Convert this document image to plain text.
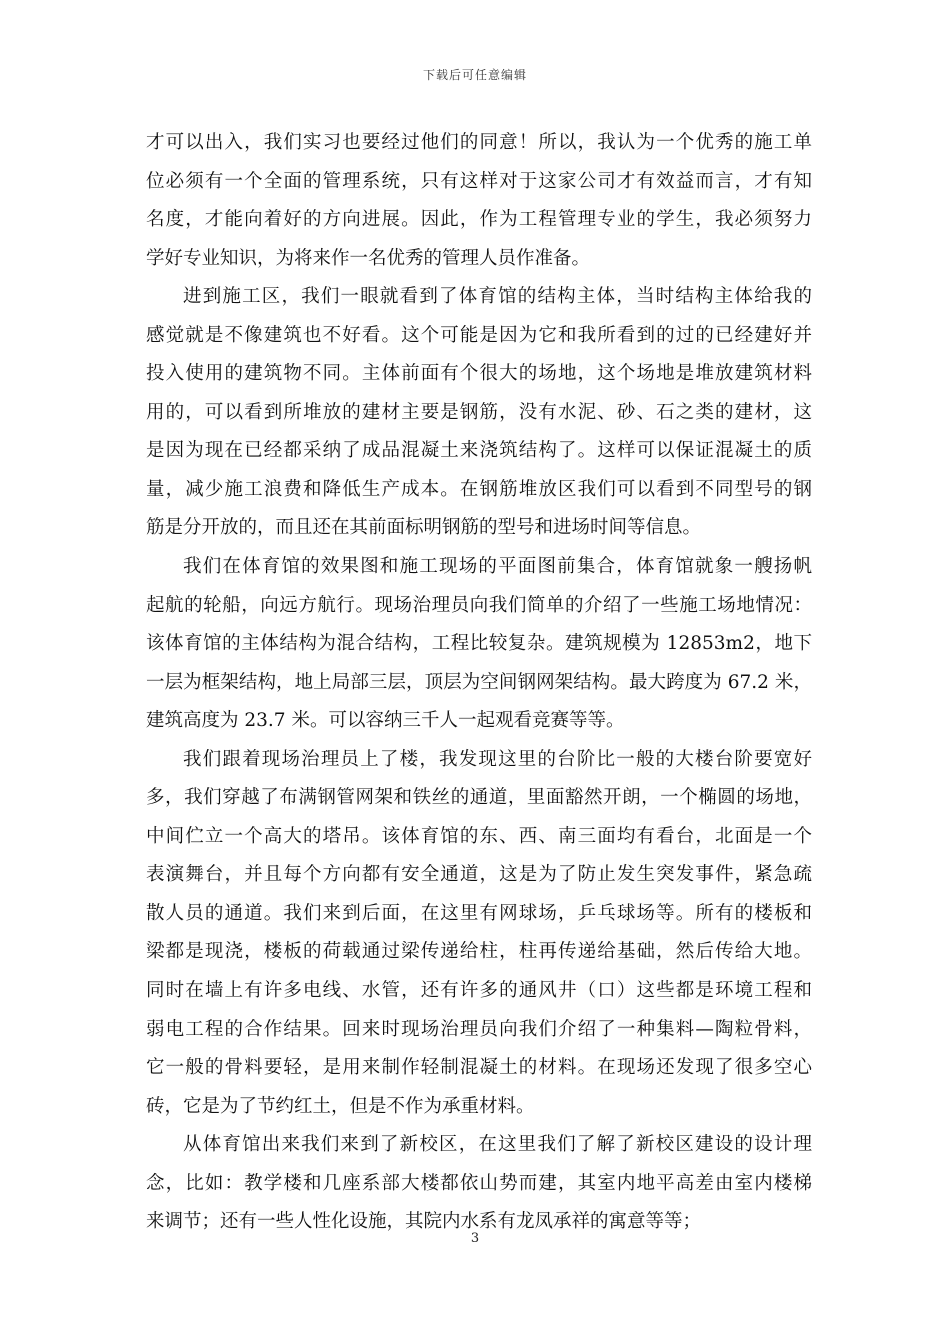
下载后可任意编辑
才可以出入，我们实习也要经过他们的同意！所以，我认为一个优秀的施工单
位必须有一个全面的管理系统，只有这样对于这家公司才有效益而言，才有知
名度，才能向着好的方向进展。因此，作为工程管理专业的学生，我必须努力
学好专业知识，为将来作一名优秀的管理人员作准备。
进到施工区，我们一眼就看到了体育馆的结构主体，当时结构主体给我的
感觉就是不像建筑也不好看。这个可能是因为它和我所看到的过的已经建好并
投入使用的建筑物不同。主体前面有个很大的场地，这个场地是堆放建筑材料
用的，可以看到所堆放的建材主要是钢筋，没有水泥、砂、石之类的建材，这
是因为现在已经都采纳了成品混凝土来浇筑结构了。这样可以保证混凝土的质
量，减少施工浪费和降低生产成本。在钢筋堆放区我们可以看到不同型号的钢
筋是分开放的，而且还在其前面标明钢筋的型号和进场时间等信息。
我们在体育馆的效果图和施工现场的平面图前集合，体育馆就象一艘扬帆
起航的轮船，向远方航行。现场治理员向我们简单的介绍了一些施工场地情况：
该体育馆的主体结构为混合结构，工程比较复杂。建筑规模为 12853m2，地下
一层为框架结构，地上局部三层，顶层为空间钢网架结构。最大跨度为 67.2 米，
建筑高度为 23.7 米。可以容纳三千人一起观看竞赛等等。
我们跟着现场治理员上了楼，我发现这里的台阶比一般的大楼台阶要宽好
多，我们穿越了布满钢管网架和铁丝的通道，里面豁然开朗，一个椭圆的场地，
中间伫立一个高大的塔吊。该体育馆的东、西、南三面均有看台，北面是一个
表演舞台，并且每个方向都有安全通道，这是为了防止发生突发事件，紧急疏
散人员的通道。我们来到后面，在这里有网球场，乒乓球场等。所有的楼板和
梁都是现浇，楼板的荷载通过梁传递给柱，柱再传递给基础，然后传给大地。
同时在墙上有许多电线、水管，还有许多的通风井（口）这些都是环境工程和
弱电工程的合作结果。回来时现场治理员向我们介绍了一种集料—陶粒骨料，
它一般的骨料要轻，是用来制作轻制混凝土的材料。在现场还发现了很多空心
砖，它是为了节约红土，但是不作为承重材料。
从体育馆出来我们来到了新校区，在这里我们了解了新校区建设的设计理
念，比如：教学楼和几座系部大楼都依山势而建，其室内地平高差由室内楼梯
来调节；还有一些人性化设施，其院内水系有龙凤承祥的寓意等等；
3
